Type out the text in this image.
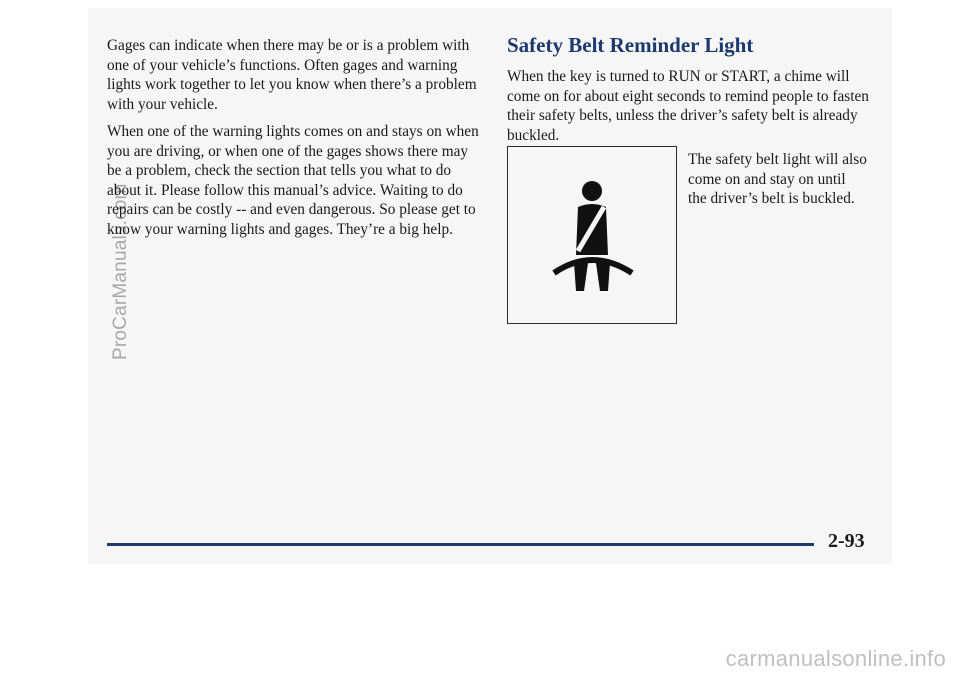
ProCarManuals.com

Gages can indicate when there may be or is a problem with one of your vehicle’s functions. Often gages and warning lights work together to let you know when there’s a problem with your vehicle.

When one of the warning lights comes on and stays on when you are driving, or when one of the gages shows there may be a problem, check the section that tells you what to do about it. Please follow this manual’s advice. Waiting to do repairs can be costly -- and even dangerous. So please get to know your warning lights and gages. They’re a big help.

Safety Belt Reminder Light

When the key is turned to RUN or START, a chime will come on for about eight seconds to remind people to fasten their safety belts, unless the driver’s safety belt is already buckled.

The safety belt light will also come on and stay on until the driver’s belt is buckled.
2-93
carmanualsonline.info
